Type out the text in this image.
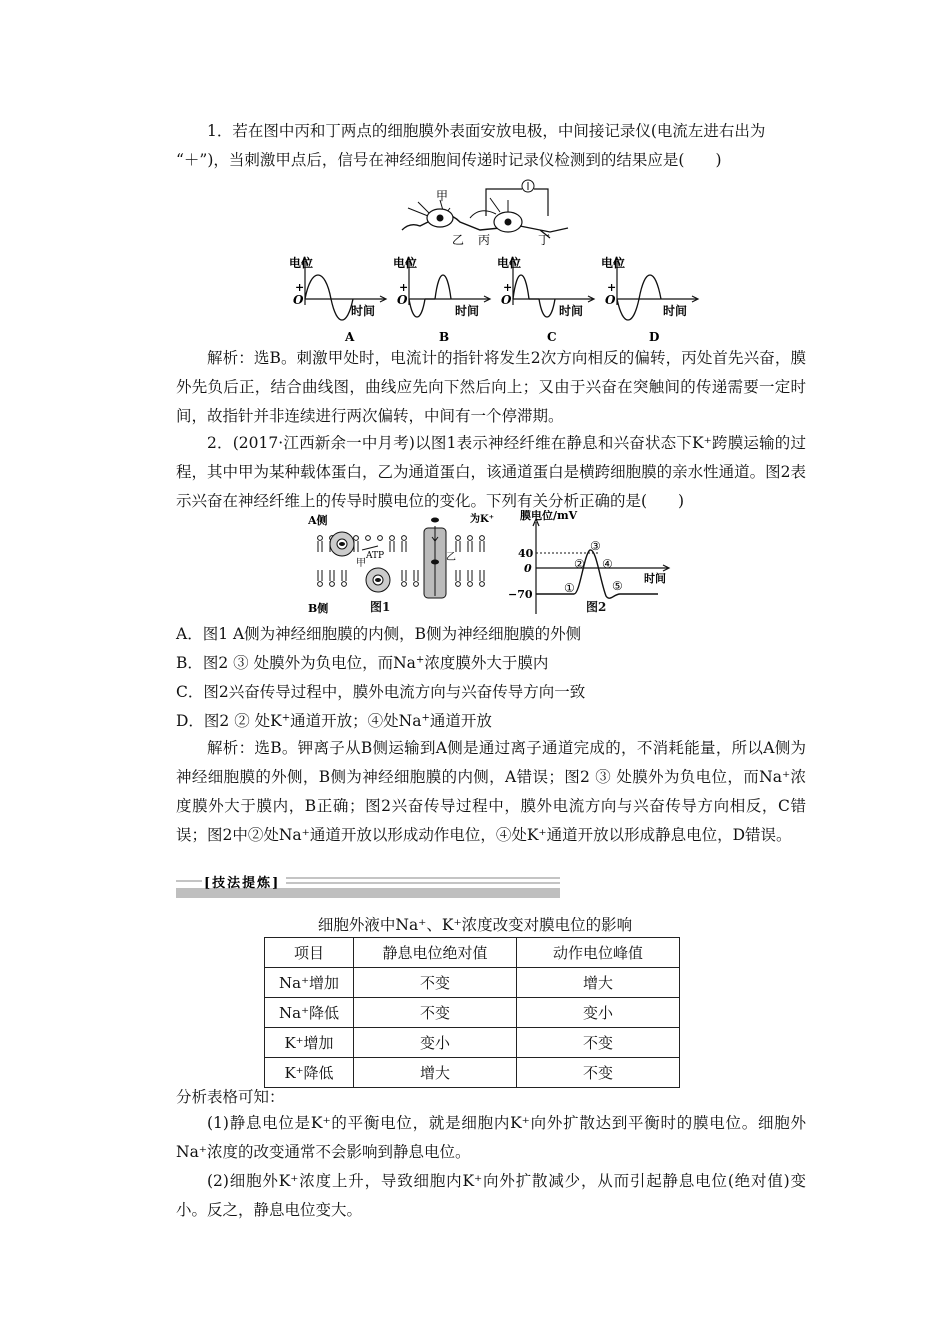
1．若在图中丙和丁两点的细胞膜外表面安放电极，中间接记录仪(电流左进右出为
“＋”)，当刺激甲点后，信号在神经细胞间传递时记录仪检测到的结果应是(　　)
甲
乙 丙	丁
电位
+
O
时间
A
电位
+
O
时间
B
电位
+
O
时间
C
电位
+
O
时间
D
解析：选B。刺激甲处时，电流计的指针将发生2次方向相反的偏转，丙处首先兴奋，膜外先负后正，结合曲线图，曲线应先向下然后向上；又由于兴奋在突触间的传递需要一定时间，故指针并非连续进行两次偏转，中间有一个停滞期。
2．(2017·江西新余一中月考)以图1表示神经纤维在静息和兴奋状态下K⁺跨膜运输的过程，其中甲为某种载体蛋白，乙为通道蛋白，该通道蛋白是横跨细胞膜的亲水性通道。图2表示兴奋在神经纤维上的传导时膜电位的变化。下列有关分析正确的是(　　)
A侧
B侧
为K⁺
ATP
甲
乙
图1
膜电位/mV
40
0
−70
时间
①
②
③
④
⑤
图2
A．图1 A侧为神经细胞膜的内侧，B侧为神经细胞膜的外侧
B．图2 ③ 处膜外为负电位，而Na+浓度膜外大于膜内
C．图2兴奋传导过程中，膜外电流方向与兴奋传导方向一致
D．图2 ② 处K+通道开放；④处Na+通道开放
解析：选B。钾离子从B侧运输到A侧是通过离子通道完成的，不消耗能量，所以A侧为神经细胞膜的外侧，B侧为神经细胞膜的内侧，A错误；图2 ③ 处膜外为负电位，而Na⁺浓度膜外大于膜内，B正确；图2兴奋传导过程中，膜外电流方向与兴奋传导方向相反，C错误；图2中②处Na⁺通道开放以形成动作电位，④处K⁺通道开放以形成静息电位，D错误。
[技法提炼]
细胞外液中Na⁺、K⁺浓度改变对膜电位的影响
项目	静息电位绝对值	动作电位峰值
Na⁺增加	不变	增大
Na⁺降低	不变	变小
K⁺增加	变小	不变
K⁺降低	增大	不变
分析表格可知：
(1)静息电位是K⁺的平衡电位，就是细胞内K⁺向外扩散达到平衡时的膜电位。细胞外Na⁺浓度的改变通常不会影响到静息电位。
(2)细胞外K⁺浓度上升，导致细胞内K⁺向外扩散减少，从而引起静息电位(绝对值)变小。反之，静息电位变大。
